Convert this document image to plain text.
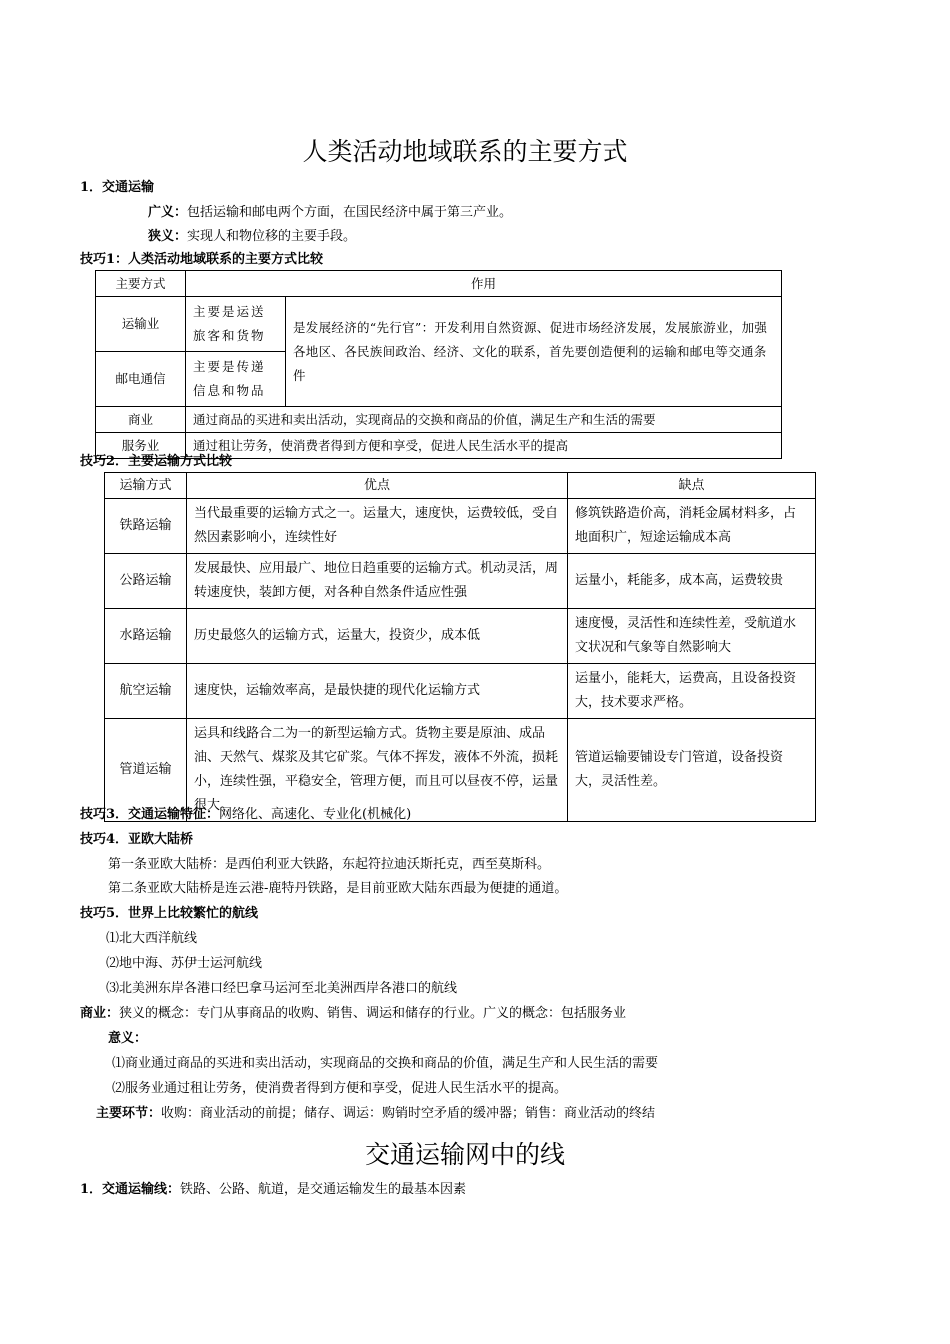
人类活动地域联系的主要方式
1．交通运输
广义：包括运输和邮电两个方面，在国民经济中属于第三产业。
狭义：实现人和物位移的主要手段。
技巧1：人类活动地域联系的主要方式比较
主要方式	作用	
运输业	主要是运送旅客和货物	是发展经济的“先行官”：开发利用自然资源、促进市场经济发展，发展旅游业，加强各地区、各民族间政治、经济、文化的联系，首先要创造便利的运输和邮电等交通条件
邮电通信	主要是传递信息和物品	
商业	通过商品的买进和卖出活动，实现商品的交换和商品的价值，满足生产和生活的需要	
服务业	通过租让劳务，使消费者得到方便和享受，促进人民生活水平的提高	
技巧2．主要运输方式比较
运输方式	优点	缺点
铁路运输	当代最重要的运输方式之一。运量大，速度快，运费较低，受自然因素影响小，连续性好	修筑铁路造价高，消耗金属材料多，占地面积广，短途运输成本高
公路运输	发展最快、应用最广、地位日趋重要的运输方式。机动灵活，周转速度快，装卸方便，对各种自然条件适应性强	运量小，耗能多，成本高，运费较贵
水路运输	历史最悠久的运输方式，运量大，投资少，成本低	速度慢，灵活性和连续性差，受航道水文状况和气象等自然影响大
航空运输	速度快，运输效率高，是最快捷的现代化运输方式	运量小，能耗大，运费高，且设备投资大，技术要求严格。
管道运输	运具和线路合二为一的新型运输方式。货物主要是原油、成品油、天然气、煤浆及其它矿浆。气体不挥发，液体不外流，损耗小，连续性强，平稳安全，管理方便，而且可以昼夜不停，运量很大。	管道运输要铺设专门管道，设备投资大，灵活性差。
技巧3．交通运输特征：网络化、高速化、专业化(机械化)
技巧4．亚欧大陆桥
第一条亚欧大陆桥：是西伯利亚大铁路，东起符拉迪沃斯托克，西至莫斯科。
第二条亚欧大陆桥是连云港-鹿特丹铁路，是目前亚欧大陆东西最为便捷的通道。
技巧5．世界上比较繁忙的航线
⑴北大西洋航线
⑵地中海、苏伊士运河航线
⑶北美洲东岸各港口经巴拿马运河至北美洲西岸各港口的航线
商业：狭义的概念：专门从事商品的收购、销售、调运和储存的行业。广义的概念：包括服务业
意义：
⑴商业通过商品的买进和卖出活动，实现商品的交换和商品的价值，满足生产和人民生活的需要
⑵服务业通过租让劳务，使消费者得到方便和享受，促进人民生活水平的提高。
主要环节：收购：商业活动的前提；储存、调运：购销时空矛盾的缓冲器；销售：商业活动的终结
交通运输网中的线
1．交通运输线：铁路、公路、航道，是交通运输发生的最基本因素
